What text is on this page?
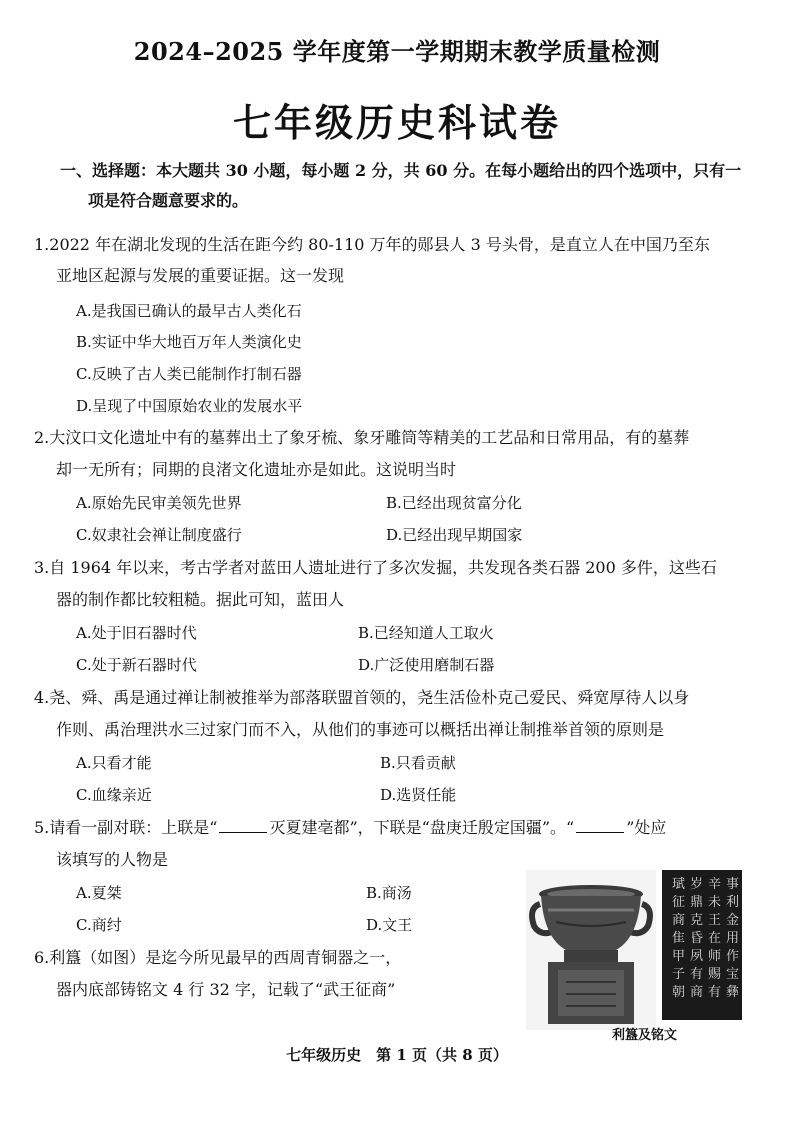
2024–2025 学年度第一学期期末教学质量检测
七年级历史科试卷
一、选择题：本大题共 30 小题，每小题 2 分，共 60 分。在每小题给出的四个选项中，只有一
项是符合题意要求的。
1.2022 年在湖北发现的生活在距今约 80-110 万年的郧县人 3 号头骨，是直立人在中国乃至东
亚地区起源与发展的重要证据。这一发现
A.是我国已确认的最早古人类化石
B.实证中华大地百万年人类演化史
C.反映了古人类已能制作打制石器
D.呈现了中国原始农业的发展水平
2.大汶口文化遗址中有的墓葬出土了象牙梳、象牙雕筒等精美的工艺品和日常用品，有的墓葬
却一无所有；同期的良渚文化遗址亦是如此。这说明当时
A.原始先民审美领先世界	B.已经出现贫富分化
C.奴隶社会禅让制度盛行	D.已经出现早期国家
3.自 1964 年以来，考古学者对蓝田人遗址进行了多次发掘，共发现各类石器 200 多件，这些石
器的制作都比较粗糙。据此可知，蓝田人
A.处于旧石器时代	B.已经知道人工取火
C.处于新石器时代	D.广泛使用磨制石器
4.尧、舜、禹是通过禅让制被推举为部落联盟首领的，尧生活俭朴克己爱民、舜宽厚待人以身
作则、禹治理洪水三过家门而不入，从他们的事迹可以概括出禅让制推举首领的原则是
A.只看才能	B.只看贡献
C.血缘亲近	D.选贤任能
5.请看一副对联：上联是“	灭夏建亳都”，下联是“盘庚迁殷定国疆”。“	”处应
该填写的人物是
A.夏桀	B.商汤
C.商纣	D.文王
6.利簋（如图）是迄今所见最早的西周青铜器之一，
器内底部铸铭文 4 行 32 字，记载了“武王征商”
珷
征
商
隹
甲
子
朝
岁
鼎
克
昏
夙
有
商
辛
未
王
在
师
赐
有
事
利
金
用
作
宝
彝
利簋及铭文
七年级历史　第 1 页（共 8 页）
